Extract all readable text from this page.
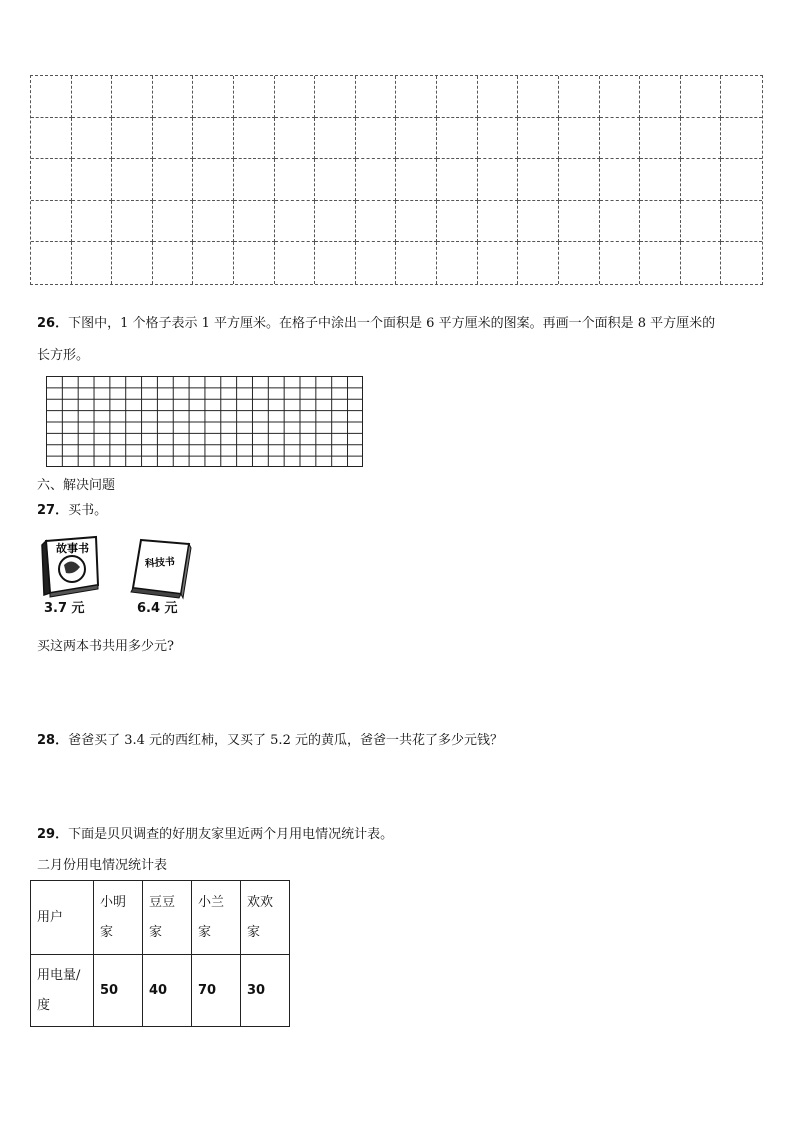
26．下图中，1 个格子表示 1 平方厘米。在格子中涂出一个面积是 6 平方厘米的图案。再画一个面积是 8 平方厘米的
长方形。
六、解决问题
27．买书。
故事书
3.7 元
科技书
6.4 元
买这两本书共用多少元?
28．爸爸买了 3.4 元的西红柿，又买了 5.2 元的黄瓜，爸爸一共花了多少元钱？
29．下面是贝贝调查的好朋友家里近两个月用电情况统计表。
二月份用电情况统计表
用户	小明家	豆豆家	小兰家	欢欢家
用电量/度	50	40	70	30
